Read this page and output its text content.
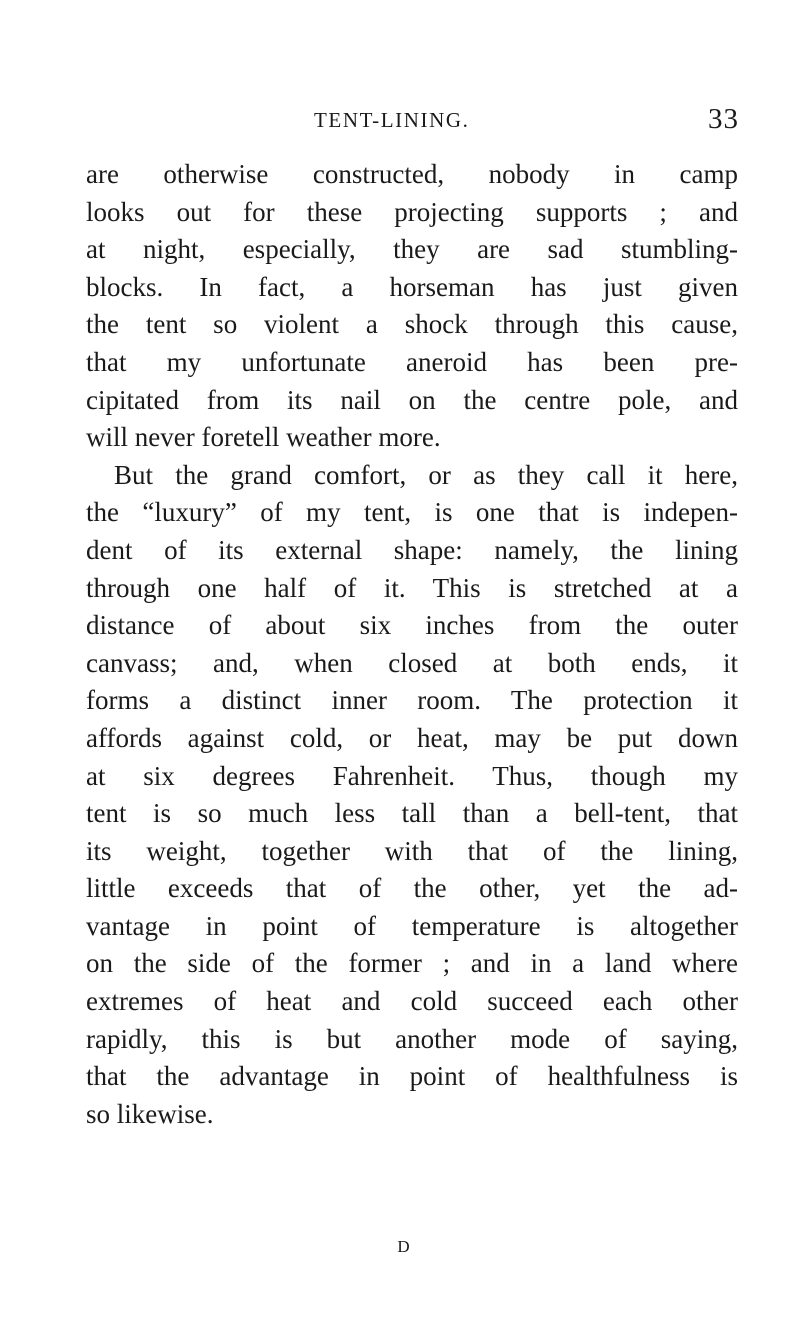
TENT-LINING.	33
are otherwise constructed, nobody in camp
looks out for these projecting supports ; and
at night, especially, they are sad stumbling-
blocks. In fact, a horseman has just given
the tent so violent a shock through this cause,
that my unfortunate aneroid has been pre-
cipitated from its nail on the centre pole, and
will never foretell weather more.
But the grand comfort, or as they call it here,
the “luxury” of my tent, is one that is indepen-
dent of its external shape: namely, the lining
through one half of it. This is stretched at a
distance of about six inches from the outer
canvass; and, when closed at both ends, it
forms a distinct inner room. The protection it
affords against cold, or heat, may be put down
at six degrees Fahrenheit. Thus, though my
tent is so much less tall than a bell-tent, that
its weight, together with that of the lining,
little exceeds that of the other, yet the ad-
vantage in point of temperature is altogether
on the side of the former ; and in a land where
extremes of heat and cold succeed each other
rapidly, this is but another mode of saying,
that the advantage in point of healthfulness is
so likewise.
D
